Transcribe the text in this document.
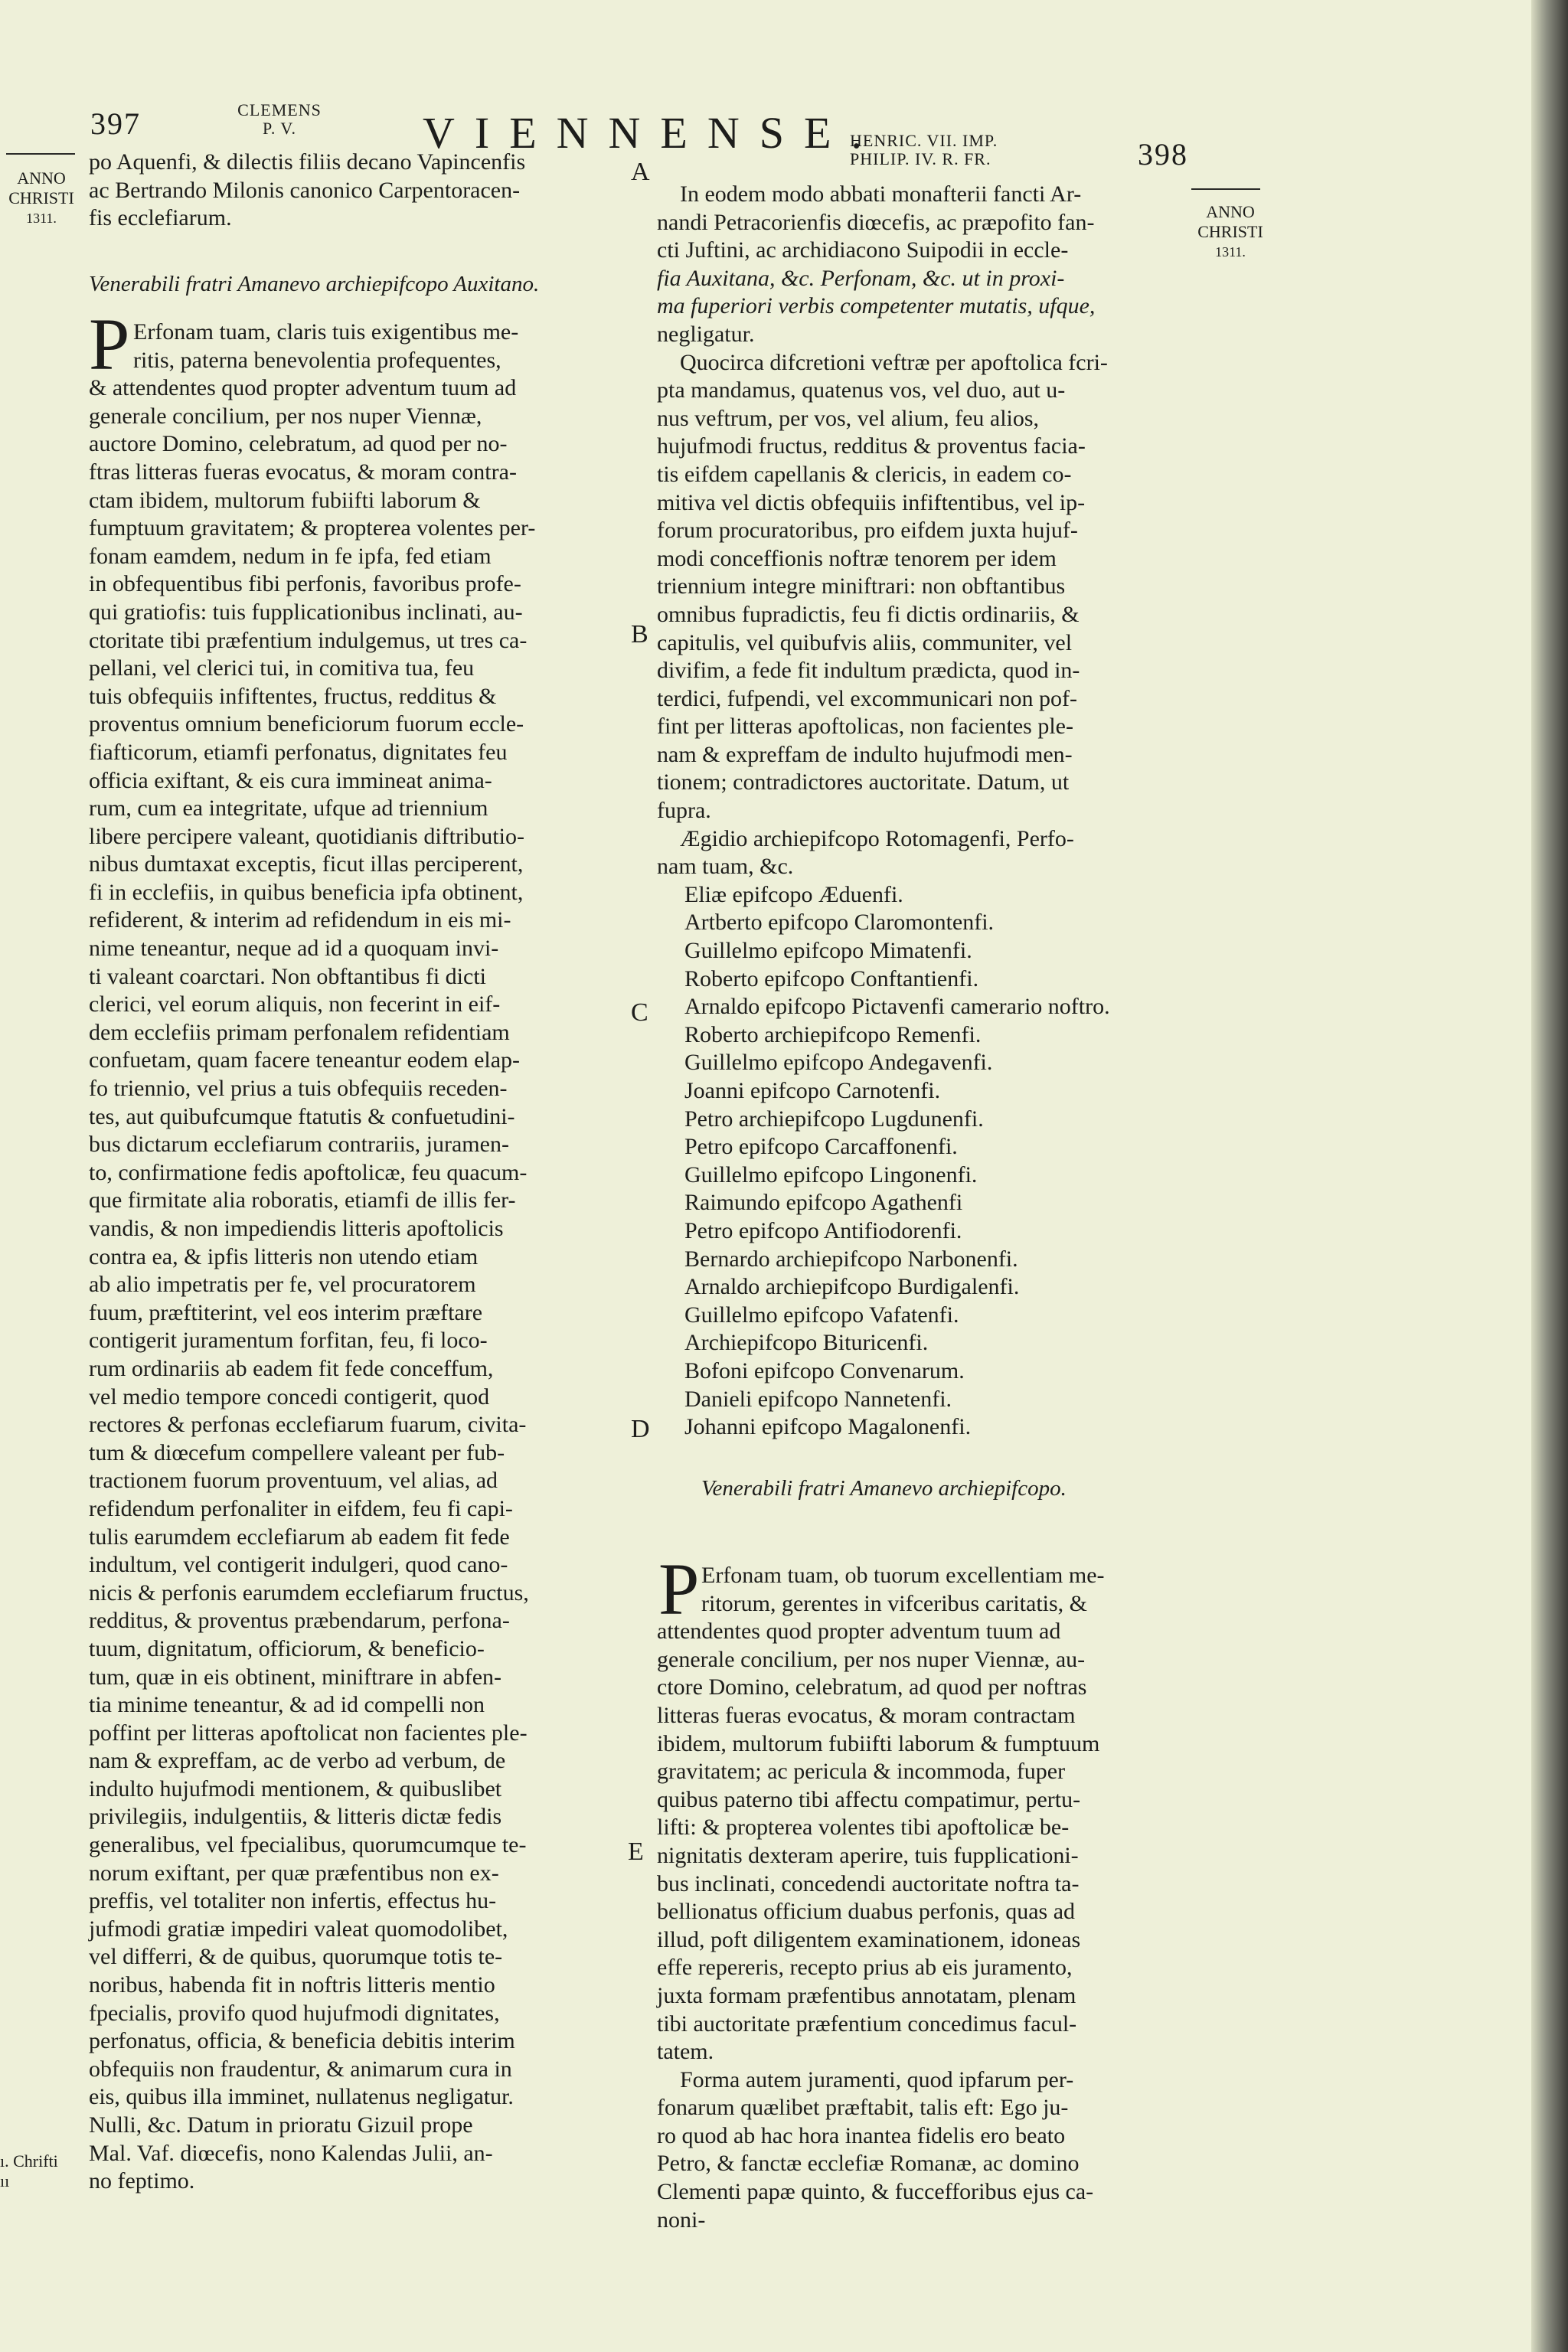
397	CLEMENS
P. V.	VIENNENSE.
HENRIC. VII. IMP.
PHILIP. IV. R. FR.	398
ANNO
CHRISTI
1311.	ANNO
CHRISTI
1311.
ı. Chrifti
ıı
A
B
C
D
E
po Aquenfi, & dilectis filiis decano Vapincenfis
ac Bertrando Milonis canonico Carpentoracen-
fis ecclefiarum.
Venerabili fratri Amanevo archiepifcopo Auxitano.
P Erfonam tuam, claris tuis exigentibus me-
ritis, paterna benevolentia profequentes,
& attendentes quod propter adventum tuum ad
generale concilium, per nos nuper Viennæ,
auctore Domino, celebratum, ad quod per no-
ftras litteras fueras evocatus, & moram contra-
ctam ibidem, multorum fubiifti laborum &
fumptuum gravitatem; & propterea volentes per-
fonam eamdem, nedum in fe ipfa, fed etiam
in obfequentibus fibi perfonis, favoribus profe-
qui gratiofis: tuis fupplicationibus inclinati, au-
ctoritate tibi præfentium indulgemus, ut tres ca-
pellani, vel clerici tui, in comitiva tua, feu
tuis obfequiis infiftentes, fructus, redditus &
proventus omnium beneficiorum fuorum eccle-
fiafticorum, etiamfi perfonatus, dignitates feu
officia exiftant, & eis cura immineat anima-
rum, cum ea integritate, ufque ad triennium
libere percipere valeant, quotidianis diftributio-
nibus dumtaxat exceptis, ficut illas perciperent,
fi in ecclefiis, in quibus beneficia ipfa obtinent,
refiderent, & interim ad refidendum in eis mi-
nime teneantur, neque ad id a quoquam invi-
ti valeant coarctari. Non obftantibus fi dicti
clerici, vel eorum aliquis, non fecerint in eif-
dem ecclefiis primam perfonalem refidentiam
confuetam, quam facere teneantur eodem elap-
fo triennio, vel prius a tuis obfequiis receden-
tes, aut quibufcumque ftatutis & confuetudini-
bus dictarum ecclefiarum contrariis, juramen-
to, confirmatione fedis apoftolicæ, feu quacum-
que firmitate alia roboratis, etiamfi de illis fer-
vandis, & non impediendis litteris apoftolicis
contra ea, & ipfis litteris non utendo etiam
ab alio impetratis per fe, vel procuratorem
fuum, præftiterint, vel eos interim præftare
contigerit juramentum forfitan, feu, fi loco-
rum ordinariis ab eadem fit fede conceffum,
vel medio tempore concedi contigerit, quod
rectores & perfonas ecclefiarum fuarum, civita-
tum & diœcefum compellere valeant per fub-
tractionem fuorum proventuum, vel alias, ad
refidendum perfonaliter in eifdem, feu fi capi-
tulis earumdem ecclefiarum ab eadem fit fede
indultum, vel contigerit indulgeri, quod cano-
nicis & perfonis earumdem ecclefiarum fructus,
redditus, & proventus præbendarum, perfona-
tuum, dignitatum, officiorum, & beneficio-
tum, quæ in eis obtinent, miniftrare in abfen-
tia minime teneantur, & ad id compelli non
poffint per litteras apoftolicat non facientes ple-
nam & expreffam, ac de verbo ad verbum, de
indulto hujufmodi mentionem, & quibuslibet
privilegiis, indulgentiis, & litteris dictæ fedis
generalibus, vel fpecialibus, quorumcumque te-
norum exiftant, per quæ præfentibus non ex-
preffis, vel totaliter non infertis, effectus hu-
jufmodi gratiæ impediri valeat quomodolibet,
vel differri, & de quibus, quorumque totis te-
noribus, habenda fit in noftris litteris mentio
fpecialis, provifo quod hujufmodi dignitates,
perfonatus, officia, & beneficia debitis interim
obfequiis non fraudentur, & animarum cura in
eis, quibus illa imminet, nullatenus negligatur.
Nulli, &c. Datum in prioratu Gizuil prope
Mal. Vaf. diœcefis, nono Kalendas Julii, an-
no feptimo.
In eodem modo abbati monafterii fancti Ar-
nandi Petracorienfis diœcefis, ac præpofito fan-
cti Juftini, ac archidiacono Suipodii in eccle-
fia Auxitana, &c. Perfonam, &c. ut in proxi-
ma fuperiori verbis competenter mutatis, ufque,
negligatur.
Quocirca difcretioni veftræ per apoftolica fcri-
pta mandamus, quatenus vos, vel duo, aut u-
nus veftrum, per vos, vel alium, feu alios,
hujufmodi fructus, redditus & proventus facia-
tis eifdem capellanis & clericis, in eadem co-
mitiva vel dictis obfequiis infiftentibus, vel ip-
forum procuratoribus, pro eifdem juxta hujuf-
modi conceffionis noftræ tenorem per idem
triennium integre miniftrari: non obftantibus
omnibus fupradictis, feu fi dictis ordinariis, &
capitulis, vel quibufvis aliis, communiter, vel
divifim, a fede fit indultum prædicta, quod in-
terdici, fufpendi, vel excommunicari non pof-
fint per litteras apoftolicas, non facientes ple-
nam & expreffam de indulto hujufmodi men-
tionem; contradictores auctoritate. Datum, ut
fupra.
Ægidio archiepifcopo Rotomagenfi, Perfo-
nam tuam, &c.
Eliæ epifcopo Æduenfi.
Artberto epifcopo Claromontenfi.
Guillelmo epifcopo Mimatenfi.
Roberto epifcopo Conftantienfi.
Arnaldo epifcopo Pictavenfi camerario noftro.
Roberto archiepifcopo Remenfi.
Guillelmo epifcopo Andegavenfi.
Joanni epifcopo Carnotenfi.
Petro archiepifcopo Lugdunenfi.
Petro epifcopo Carcaffonenfi.
Guillelmo epifcopo Lingonenfi.
Raimundo epifcopo Agathenfi
Petro epifcopo Antifiodorenfi.
Bernardo archiepifcopo Narbonenfi.
Arnaldo archiepifcopo Burdigalenfi.
Guillelmo epifcopo Vafatenfi.
Archiepifcopo Bituricenfi.
Bofoni epifcopo Convenarum.
Danieli epifcopo Nannetenfi.
Johanni epifcopo Magalonenfi.
Venerabili fratri Amanevo archiepifcopo.
P Erfonam tuam, ob tuorum excellentiam me-
ritorum, gerentes in vifceribus caritatis, &
attendentes quod propter adventum tuum ad
generale concilium, per nos nuper Viennæ, au-
ctore Domino, celebratum, ad quod per noftras
litteras fueras evocatus, & moram contractam
ibidem, multorum fubiifti laborum & fumptuum
gravitatem; ac pericula & incommoda, fuper
quibus paterno tibi affectu compatimur, pertu-
lifti: & propterea volentes tibi apoftolicæ be-
nignitatis dexteram aperire, tuis fupplicationi-
bus inclinati, concedendi auctoritate noftra ta-
bellionatus officium duabus perfonis, quas ad
illud, poft diligentem examinationem, idoneas
effe repereris, recepto prius ab eis juramento,
juxta formam præfentibus annotatam, plenam
tibi auctoritate præfentium concedimus facul-
tatem.
Forma autem juramenti, quod ipfarum per-
fonarum quælibet præftabit, talis eft: Ego ju-
ro quod ab hac hora inantea fidelis ero beato
Petro, & fanctæ ecclefiæ Romanæ, ac domino
Clementi papæ quinto, & fuccefforibus ejus ca-
noni-
